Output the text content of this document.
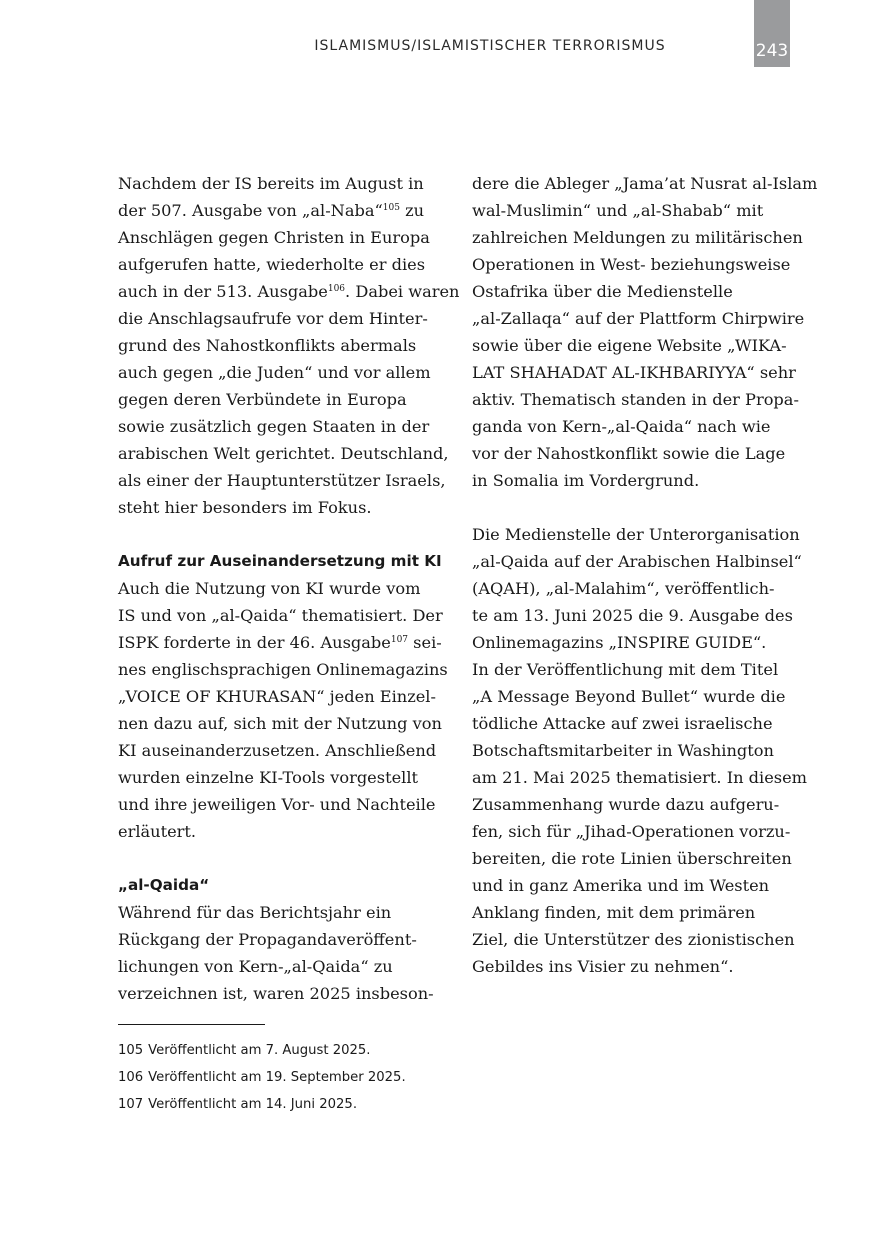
ISLAMISMUS/ISLAMISTISCHER TERRORISMUS	243
Nachdem der IS bereits im August in
der 507. Ausgabe von „al-Naba“$^{105}$ zu
Anschlägen gegen Christen in Europa
aufgerufen hatte, wiederholte er dies
auch in der 513. Ausgabe$^{106}$. Dabei waren
die Anschlagsaufrufe vor dem Hinter-
grund des Nahostkonflikts abermals
auch gegen „die Juden“ und vor allem
gegen deren Verbündete in Europa
sowie zusätzlich gegen Staaten in der
arabischen Welt gerichtet. Deutschland,
als einer der Hauptunterstützer Israels,
steht hier besonders im Fokus.
Aufruf zur Auseinandersetzung mit KI
Auch die Nutzung von KI wurde vom
IS und von „al-Qaida“ thematisiert. Der
ISPK forderte in der 46. Ausgabe$^{107}$ sei-
nes englischsprachigen Onlinemagazins
„VOICE OF KHURASAN“ jeden Einzel-
nen dazu auf, sich mit der Nutzung von
KI auseinanderzusetzen. Anschließend
wurden einzelne KI-Tools vorgestellt
und ihre jeweiligen Vor- und Nachteile
erläutert.
„al-Qaida“
Während für das Berichtsjahr ein
Rückgang der Propagandaveröffent-
lichungen von Kern-„al-Qaida“ zu
verzeichnen ist, waren 2025 insbeson-
dere die Ableger „Jama’at Nusrat al-Islam
wal-Muslimin“ und „al-Shabab“ mit
zahlreichen Meldungen zu militärischen
Operationen in West- beziehungsweise
Ostafrika über die Medienstelle
„al-Zallaqa“ auf der Plattform Chirpwire
sowie über die eigene Website „WIKA-
LAT SHAHADAT AL-IKHBARIYYA“ sehr
aktiv. Thematisch standen in der Propa-
ganda von Kern-„al-Qaida“ nach wie
vor der Nahostkonflikt sowie die Lage
in Somalia im Vordergrund.
Die Medienstelle der Unterorganisation
„al-Qaida auf der Arabischen Halbinsel“
(AQAH), „al-Malahim“, veröffentlich-
te am 13. Juni 2025 die 9. Ausgabe des
Onlinemagazins „INSPIRE GUIDE“.
In der Veröffentlichung mit dem Titel
„A Message Beyond Bullet“ wurde die
tödliche Attacke auf zwei israelische
Botschaftsmitarbeiter in Washington
am 21. Mai 2025 thematisiert. In diesem
Zusammenhang wurde dazu aufgeru-
fen, sich für „Jihad-Operationen vorzu-
bereiten, die rote Linien überschreiten
und in ganz Amerika und im Westen
Anklang finden, mit dem primären
Ziel, die Unterstützer des zionistischen
Gebildes ins Visier zu nehmen“.
105 Veröffentlicht am 7. August 2025.
106 Veröffentlicht am 19. September 2025.
107 Veröffentlicht am 14. Juni 2025.
